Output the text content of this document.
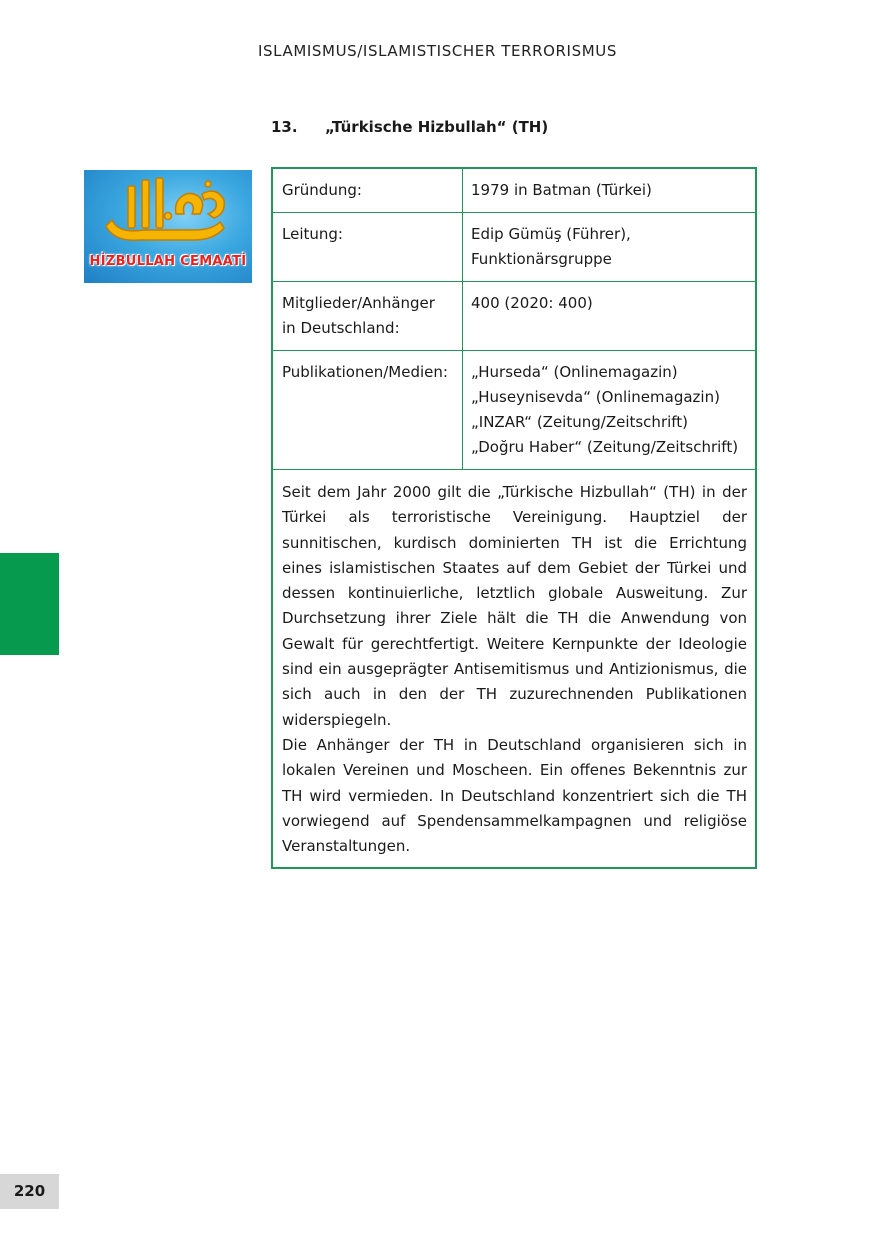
ISLAMISMUS/ISLAMISTISCHER TERRORISMUS
13. „Türkische Hizbullah“ (TH)
HİZBULLAH CEMAATİ
Gründung:	1979 in Batman (Türkei)
Leitung:	Edip Gümüş (Führer),
Funktionärsgruppe
Mitglieder/Anhänger
in Deutschland:
400 (2020: 400)
Publikationen/Medien: „Hurseda“ (Onlinemagazin)
„Huseynisevda“ (Onlinemagazin)
„INZAR“ (Zeitung/Zeitschrift)
„Doğru Haber“ (Zeitung/Zeitschrift)

Seit dem Jahr 2000 gilt die „Türkische Hizbullah“ (TH) in der Türkei als terroristische Vereinigung. Hauptziel der sunnitischen, kurdisch dominierten TH ist die Errichtung eines islamistischen Staates auf dem Gebiet der Türkei und dessen kontinuierliche, letztlich globale Ausweitung. Zur Durchsetzung ihrer Ziele hält die TH die Anwendung von Gewalt für gerechtfertigt. Weitere Kernpunkte der Ideologie sind ein ausgeprägter Antisemitismus und Antizionismus, die sich auch in den der TH zuzurechnenden Publikationen widerspiegeln.

Die Anhänger der TH in Deutschland organisieren sich in lokalen Vereinen und Moscheen. Ein offenes Bekenntnis zur TH wird vermieden. In Deutschland konzentriert sich die TH vorwiegend auf Spendensammelkampagnen und religiöse Veranstaltungen.

220
